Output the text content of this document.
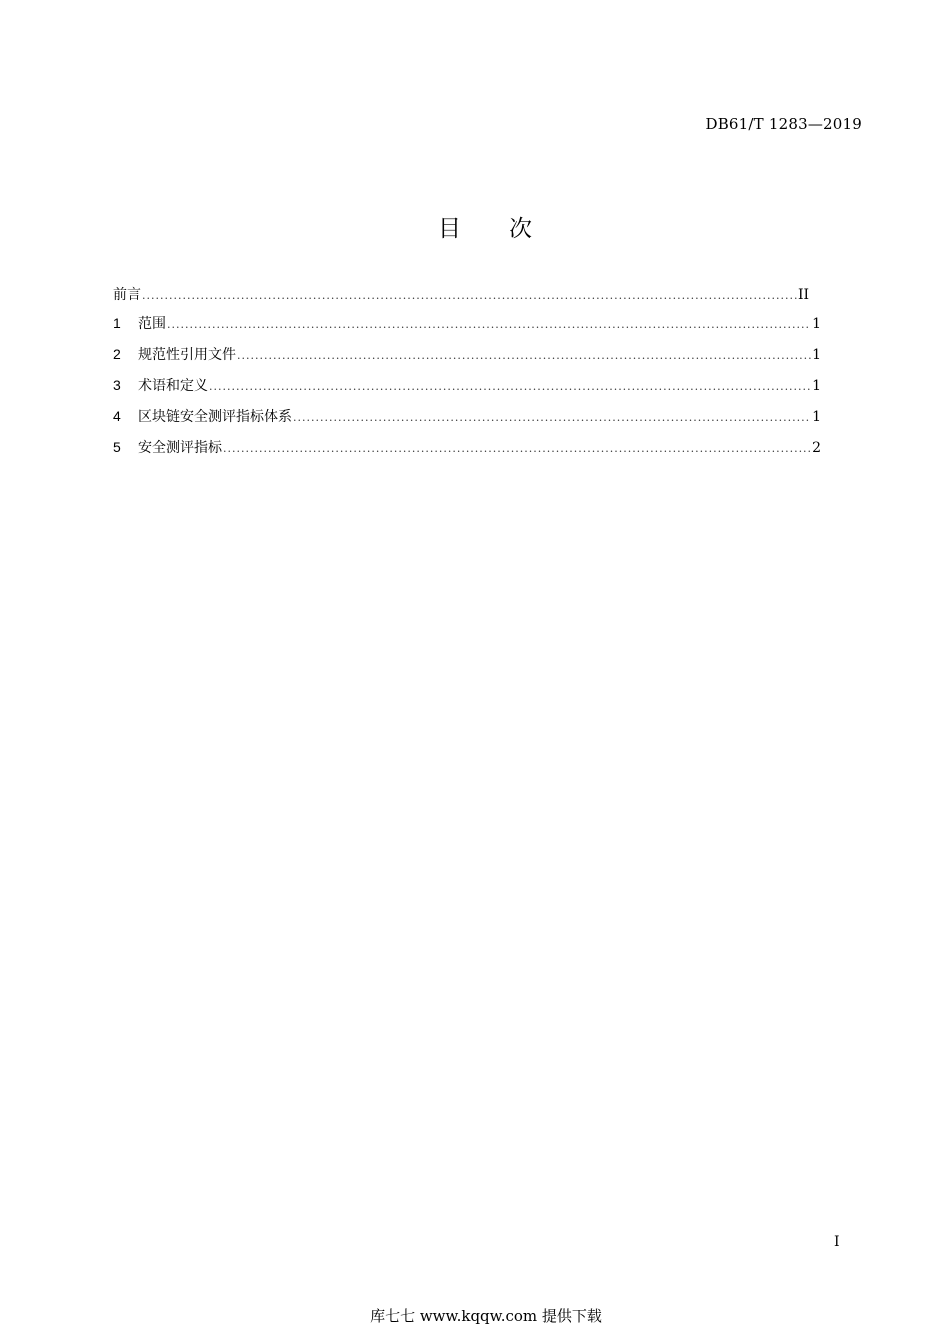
DB61/T 1283—2019
目 次
前言 .....	II
1	范围 .....	1
2	规范性引用文件 .....	1
3	术语和定义 .....	1
4	区块链安全测评指标体系 .....	1
5	安全测评指标 .....	2
I
库七七 www.kqqw.com 提供下载
